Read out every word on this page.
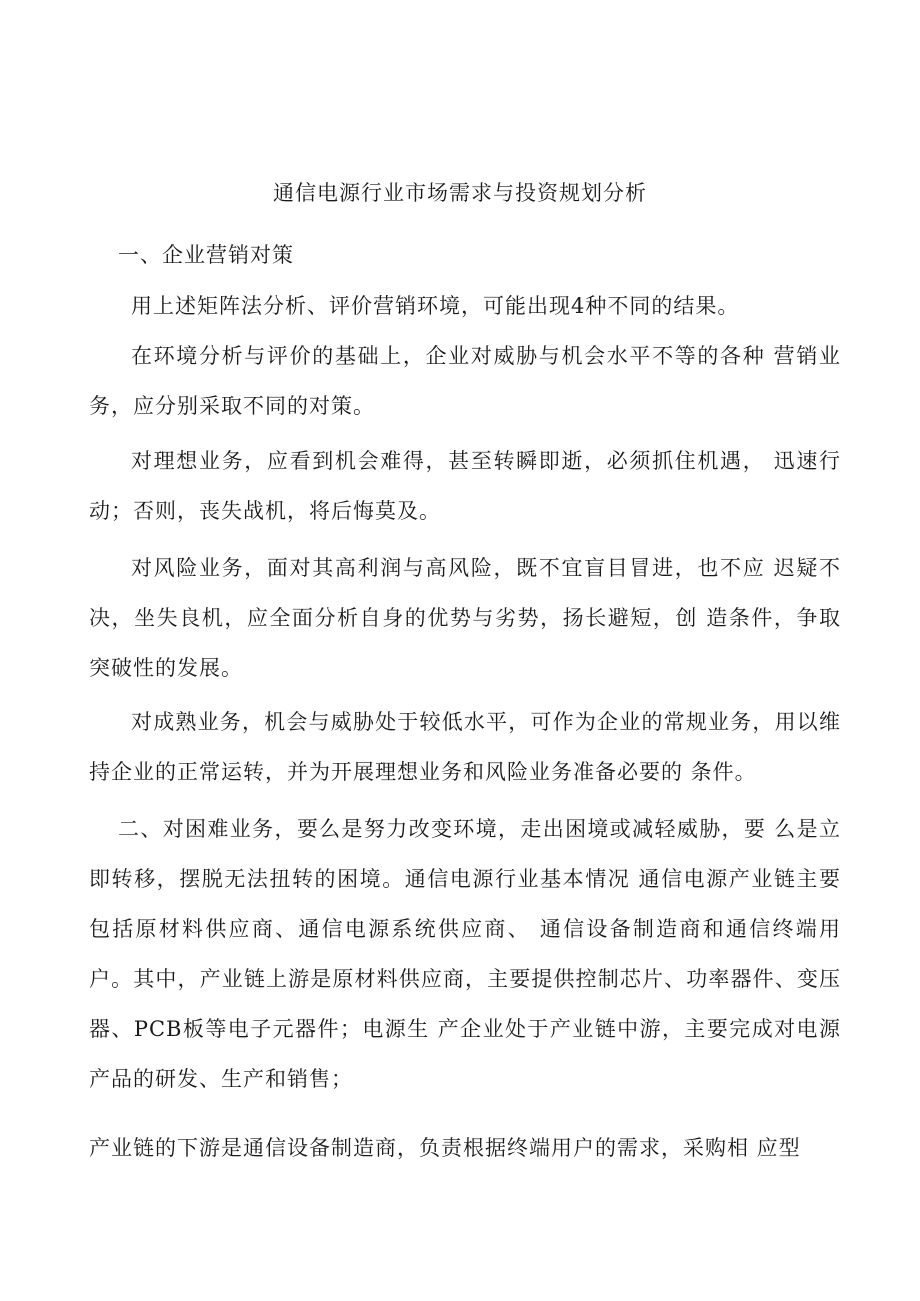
通信电源行业市场需求与投资规划分析
一、企业营销对策
用上述矩阵法分析、评价营销环境，可能出现4种不同的结果。
在环境分析与评价的基础上，企业对威胁与机会水平不等的各种 营销业务，应分别采取不同的对策。
对理想业务，应看到机会难得，甚至转瞬即逝，必须抓住机遇， 迅速行动；否则，丧失战机，将后悔莫及。
对风险业务，面对其高利润与高风险，既不宜盲目冒进，也不应 迟疑不决，坐失良机，应全面分析自身的优势与劣势，扬长避短，创 造条件，争取突破性的发展。
对成熟业务，机会与威胁处于较低水平，可作为企业的常规业务，用以维持企业的正常运转，并为开展理想业务和风险业务准备必要的 条件。
二、对困难业务，要么是努力改变环境，走出困境或减轻威胁，要 么是立即转移，摆脱无法扭转的困境。通信电源行业基本情况 通信电源产业链主要包括原材料供应商、通信电源系统供应商、 通信设备制造商和通信终端用户。其中，产业链上游是原材料供应商，主要提供控制芯片、功率器件、变压器、PCB板等电子元器件；电源生 产企业处于产业链中游，主要完成对电源产品的研发、生产和销售；
产业链的下游是通信设备制造商，负责根据终端用户的需求，采购相 应型
